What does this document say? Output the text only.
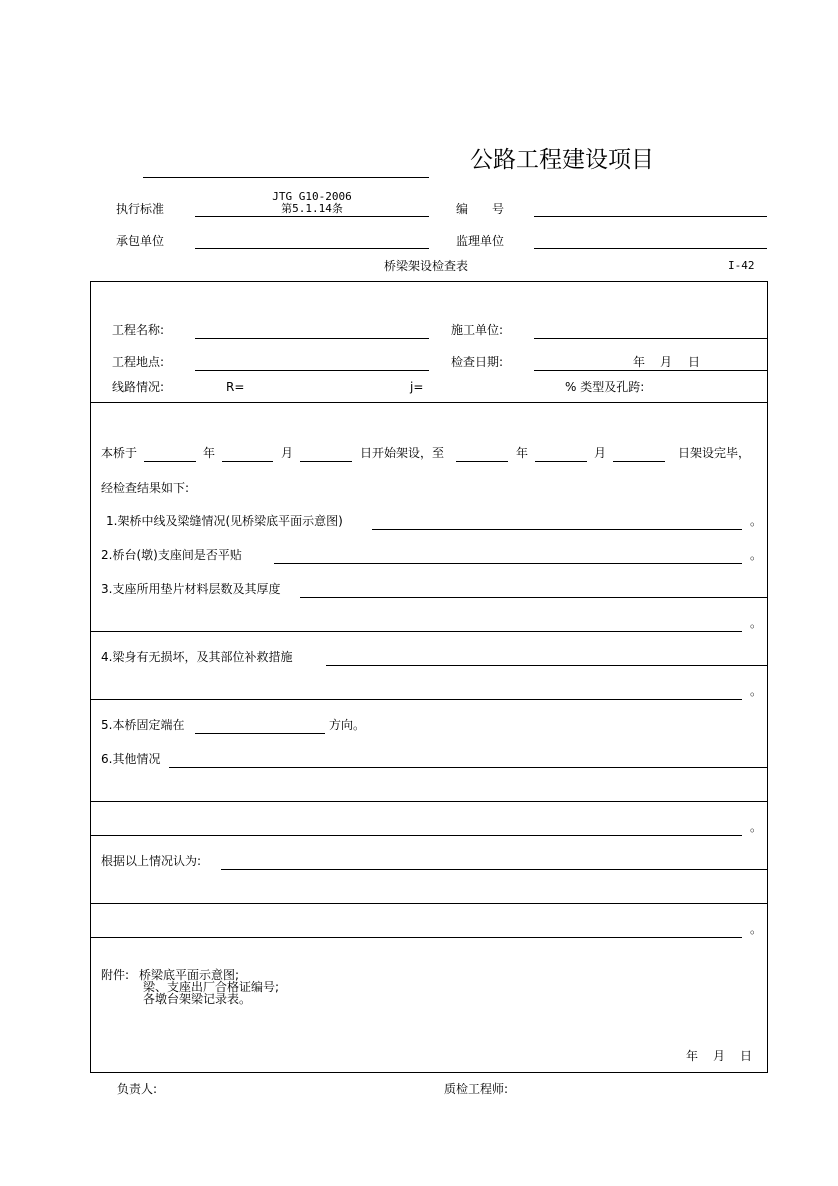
公路工程建设项目
JTG G10-2006
第5.1.14条
执行标准	编　　号
承包单位	监理单位
桥梁架设检查表	I-42
工程名称:	施工单位:
工程地点:	检查日期:	年 月 日
线路情况:	R=	j=	% 类型及孔跨:
本桥于	年	月	日开始架设，至	年	月	日架设完毕，
经检查结果如下:
1.架桥中线及梁缝情况(见桥梁底平面示意图)	。
2.桥台(墩)支座间是否平贴	。
3.支座所用垫片材料层数及其厚度
。
4.梁身有无损坏，及其部位补救措施
。
5.本桥固定端在	方向。
6.其他情况
。
根据以上情况认为:
。
附件: 桥梁底平面示意图;
梁、支座出厂合格证编号;
各墩台架梁记录表。
年 月 日
负责人:	质检工程师:
